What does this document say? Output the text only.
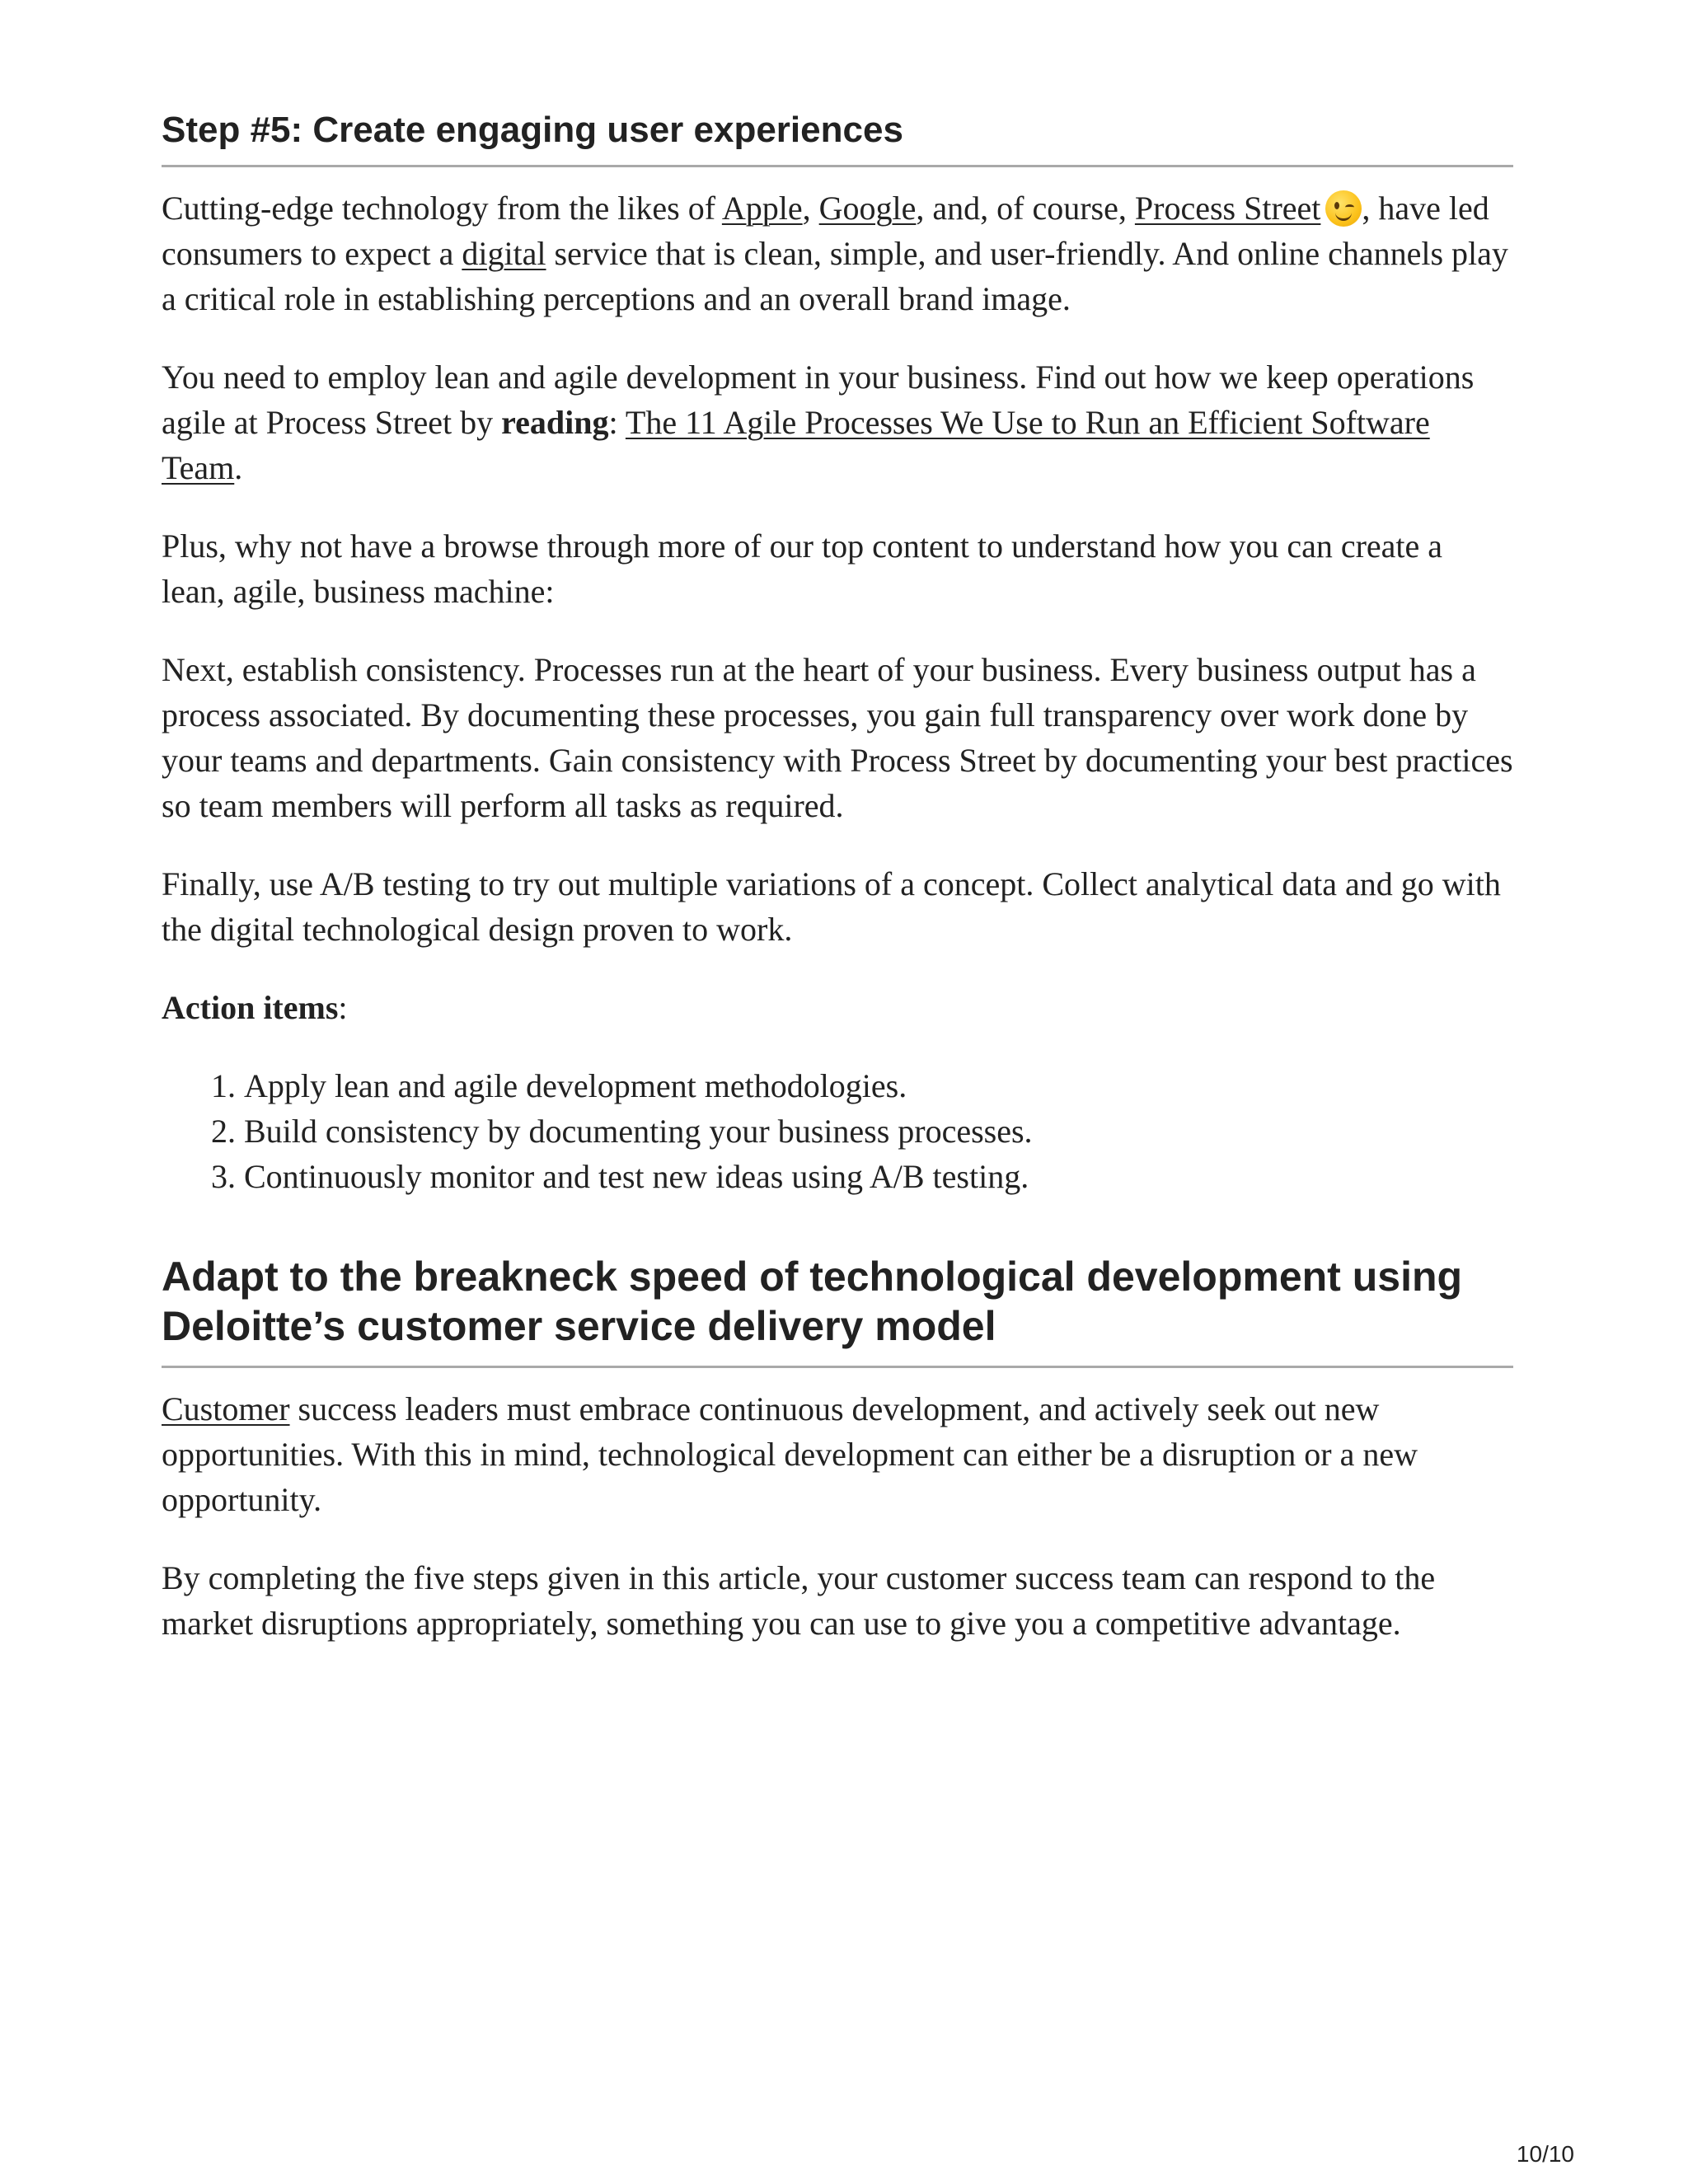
Step #5: Create engaging user experiences

Cutting-edge technology from the likes of Apple, Google, and, of course, Process Street , have led consumers to expect a digital service that is clean, simple, and user-friendly. And online channels play a critical role in establishing perceptions and an overall brand image.

You need to employ lean and agile development in your business. Find out how we keep operations agile at Process Street by reading: The 11 Agile Processes We Use to Run an Efficient Software Team.

Plus, why not have a browse through more of our top content to understand how you can create a lean, agile, business machine:

Next, establish consistency. Processes run at the heart of your business. Every business output has a process associated. By documenting these processes, you gain full transparency over work done by your teams and departments. Gain consistency with Process Street by documenting your best practices so team members will perform all tasks as required.

Finally, use A/B testing to try out multiple variations of a concept. Collect analytical data and go with the digital technological design proven to work.

Action items:

1. Apply lean and agile development methodologies.
2. Build consistency by documenting your business processes.
3. Continuously monitor and test new ideas using A/B testing.
Adapt to the breakneck speed of technological development using Deloitte’s customer service delivery model

Customer success leaders must embrace continuous development, and actively seek out new opportunities. With this in mind, technological development can either be a disruption or a new opportunity.

By completing the five steps given in this article, your customer success team can respond to the market disruptions appropriately, something you can use to give you a competitive advantage.

10/10
